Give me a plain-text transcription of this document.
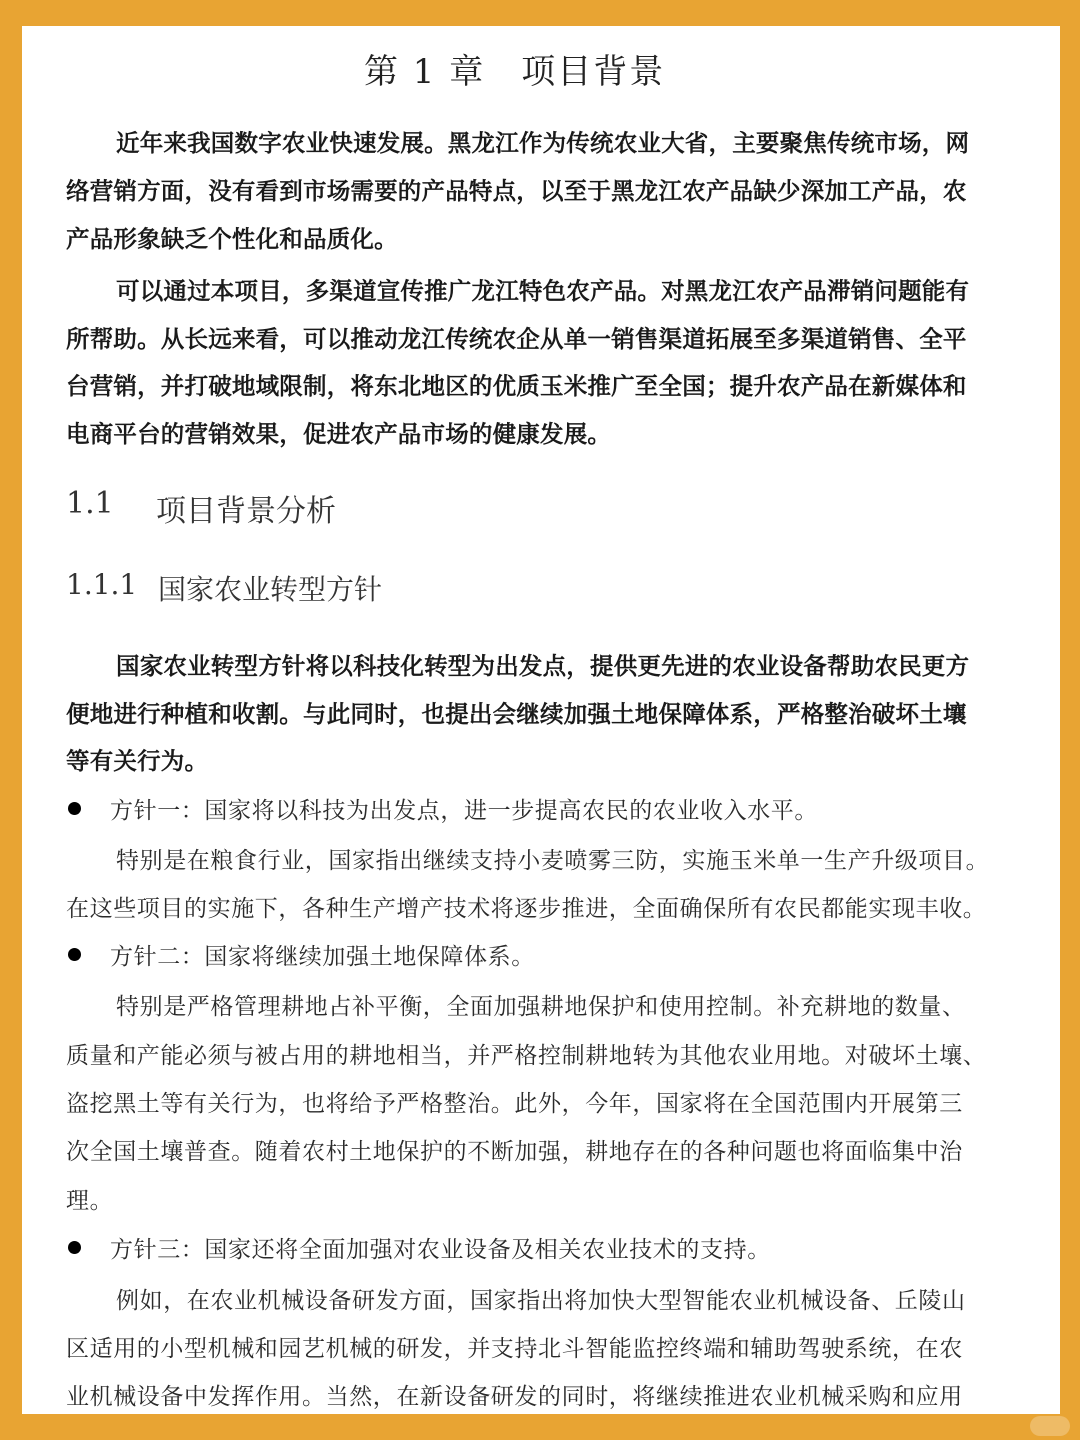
第 1 章　项目背景
近年来我国数字农业快速发展。黑龙江作为传统农业大省，主要聚焦传统市场，网
络营销方面，没有看到市场需要的产品特点，以至于黑龙江农产品缺少深加工产品，农
产品形象缺乏个性化和品质化。
可以通过本项目，多渠道宣传推广龙江特色农产品。对黑龙江农产品滞销问题能有
所帮助。从长远来看，可以推动龙江传统农企从单一销售渠道拓展至多渠道销售、全平
台营销，并打破地域限制，将东北地区的优质玉米推广至全国；提升农产品在新媒体和
电商平台的营销效果，促进农产品市场的健康发展。
1.1 项目背景分析
1.1.1 国家农业转型方针
国家农业转型方针将以科技化转型为出发点，提供更先进的农业设备帮助农民更方
便地进行种植和收割。与此同时，也提出会继续加强土地保障体系，严格整治破坏土壤
等有关行为。
方针一：国家将以科技为出发点，进一步提高农民的农业收入水平。
特别是在粮食行业，国家指出继续支持小麦喷雾三防，实施玉米单一生产升级项目。
在这些项目的实施下，各种生产增产技术将逐步推进，全面确保所有农民都能实现丰收。
方针二：国家将继续加强土地保障体系。
特别是严格管理耕地占补平衡，全面加强耕地保护和使用控制。补充耕地的数量、
质量和产能必须与被占用的耕地相当，并严格控制耕地转为其他农业用地。对破坏土壤、
盗挖黑土等有关行为，也将给予严格整治。此外，今年，国家将在全国范围内开展第三
次全国土壤普查。随着农村土地保护的不断加强，耕地存在的各种问题也将面临集中治
理。
方针三：国家还将全面加强对农业设备及相关农业技术的支持。
例如，在农业机械设备研发方面，国家指出将加快大型智能农业机械设备、丘陵山
区适用的小型机械和园艺机械的研发，并支持北斗智能监控终端和辅助驾驶系统，在农
业机械设备中发挥作用。当然，在新设备研发的同时，将继续推进农业机械采购和应用
